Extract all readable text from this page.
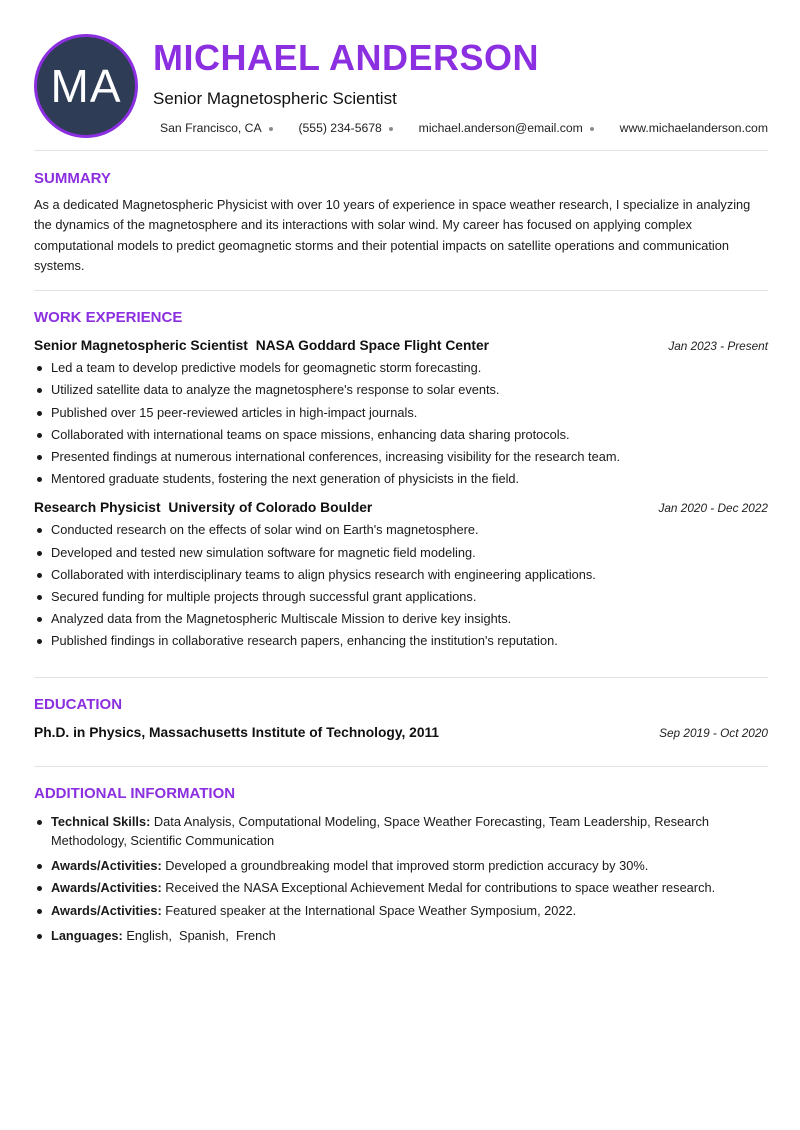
MA
MICHAEL ANDERSON
Senior Magnetospheric Scientist
San Francisco, CA	(555) 234-5678	michael.anderson@email.com	www.michaelanderson.com
SUMMARY

As a dedicated Magnetospheric Physicist with over 10 years of experience in space weather research, I specialize in analyzing the dynamics of the magnetosphere and its interactions with solar wind. My career has focused on applying complex computational models to predict geomagnetic storms and their potential impacts on satellite operations and communication systems.

WORK EXPERIENCE
Senior Magnetospheric Scientist NASA Goddard Space Flight Center	Jan 2023 - Present
Led a team to develop predictive models for geomagnetic storm forecasting.
Utilized satellite data to analyze the magnetosphere's response to solar events.
Published over 15 peer-reviewed articles in high-impact journals.
Collaborated with international teams on space missions, enhancing data sharing protocols.
Presented findings at numerous international conferences, increasing visibility for the research team.
Mentored graduate students, fostering the next generation of physicists in the field.
Research Physicist University of Colorado Boulder	Jan 2020 - Dec 2022
Conducted research on the effects of solar wind on Earth's magnetosphere.
Developed and tested new simulation software for magnetic field modeling.
Collaborated with interdisciplinary teams to align physics research with engineering applications.
Secured funding for multiple projects through successful grant applications.
Analyzed data from the Magnetospheric Multiscale Mission to derive key insights.
Published findings in collaborative research papers, enhancing the institution's reputation.
EDUCATION
Ph.D. in Physics, Massachusetts Institute of Technology, 2011	Sep 2019 - Oct 2020
ADDITIONAL INFORMATION
Technical Skills: Data Analysis, Computational Modeling, Space Weather Forecasting, Team Leadership, Research Methodology, Scientific Communication
Awards/Activities: Developed a groundbreaking model that improved storm prediction accuracy by 30%.
Awards/Activities: Received the NASA Exceptional Achievement Medal for contributions to space weather research.
Awards/Activities: Featured speaker at the International Space Weather Symposium, 2022.
Languages: English,  Spanish,  French
